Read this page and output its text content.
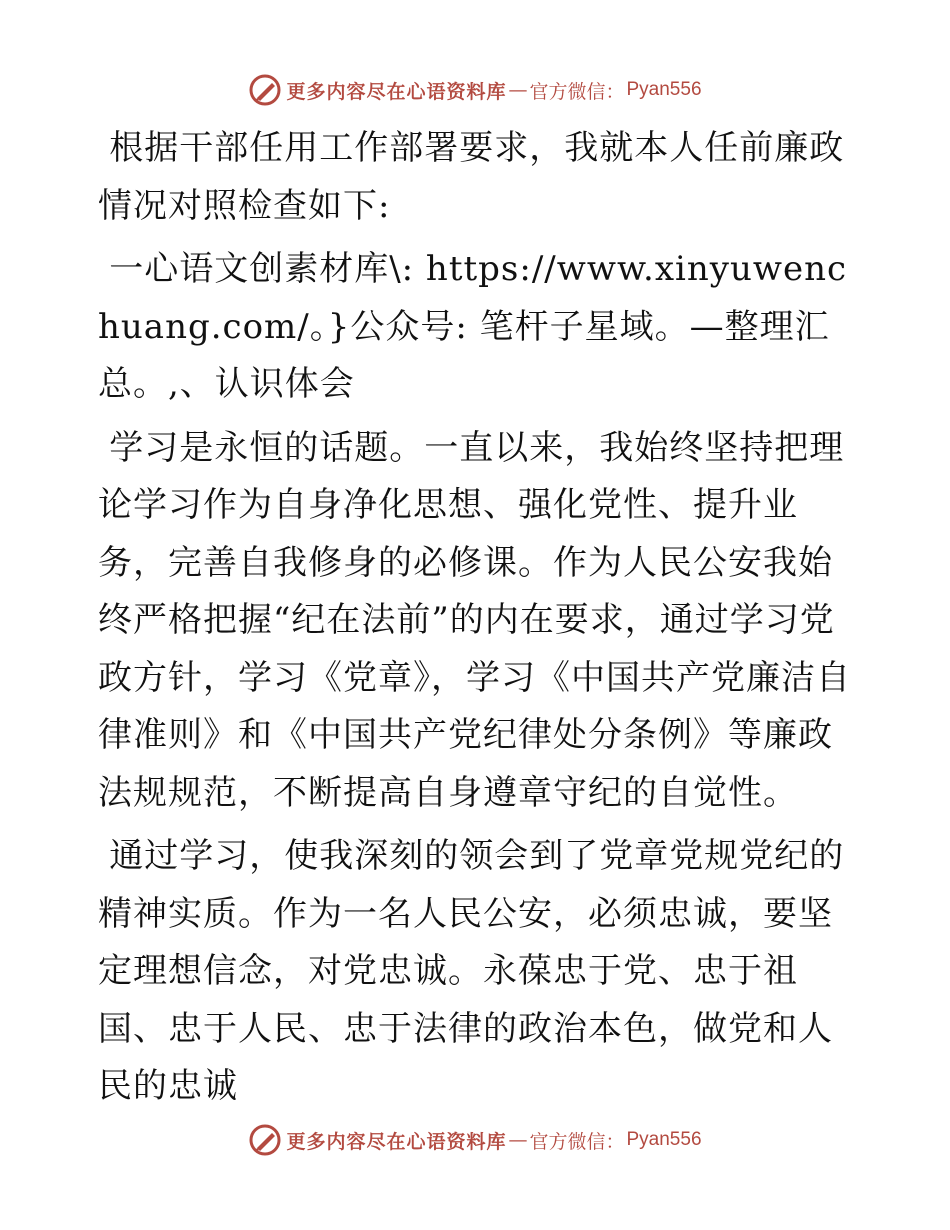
更多内容尽在心语资料库 — 官方微信： Pyan556

根据干部任用工作部署要求，我就本人任前廉政情况对照检查如下:

一心语文创素材库\: https://www.xinyuwenchuang.com/。}公众号: 笔杆子星域。—整理汇总。,、认识体会

学习是永恒的话题。一直以来，我始终坚持把理论学习作为自身净化思想、强化党性、提升业务，完善自我修身的必修课。作为人民公安我始终严格把握“纪在法前”的内在要求，通过学习党政方针，学习《党章》，学习《中国共产党廉洁自律准则》和《中国共产党纪律处分条例》等廉政法规规范，不断提高自身遵章守纪的自觉性。

通过学习，使我深刻的领会到了党章党规党纪的精神实质。作为一名人民公安，必须忠诚，要坚定理想信念，对党忠诚。永葆忠于党、忠于祖国、忠于人民、忠于法律的政治本色，做党和人民的忠诚

更多内容尽在心语资料库 — 官方微信： Pyan556
